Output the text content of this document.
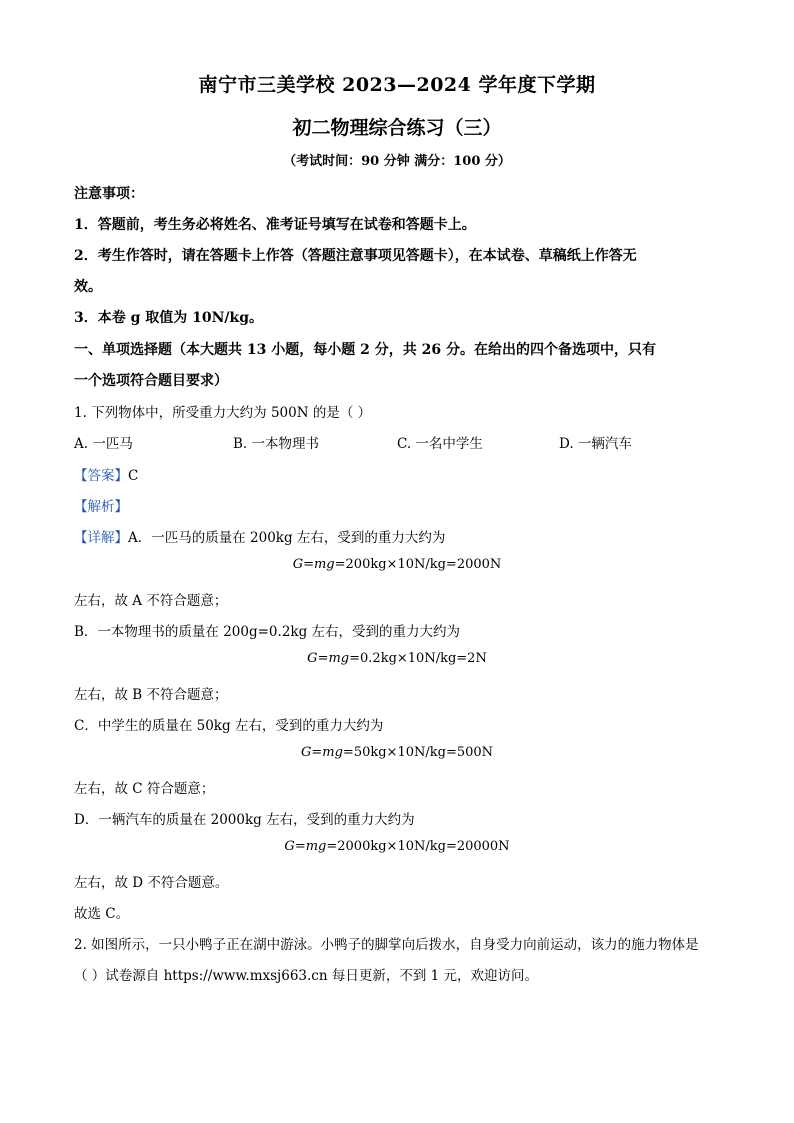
南宁市三美学校 2023—2024 学年度下学期
初二物理综合练习（三）
（考试时间：90 分钟 满分：100 分）
注意事项：
1．答题前，考生务必将姓名、准考证号填写在试卷和答题卡上。
2．考生作答时，请在答题卡上作答（答题注意事项见答题卡），在本试卷、草稿纸上作答无
效。
3．本卷 g 取值为 10N/kg。
一、单项选择题（本大题共 13 小题，每小题 2 分，共 26 分。在给出的四个备选项中，只有
一个选项符合题目要求）
1. 下列物体中，所受重力大约为 500N 的是（ ）
A. 一匹马	B. 一本物理书	C. 一名中学生	D. 一辆汽车
【答案】C
【解析】
【详解】A．一匹马的质量在 200kg 左右，受到的重力大约为
G=mg=200kg×10N/kg=2000N
左右，故 A 不符合题意；
B．一本物理书的质量在 200g=0.2kg 左右，受到的重力大约为
G=mg=0.2kg×10N/kg=2N
左右，故 B 不符合题意；
C．中学生的质量在 50kg 左右，受到的重力大约为
G=mg=50kg×10N/kg=500N
左右，故 C 符合题意；
D．一辆汽车的质量在 2000kg 左右，受到的重力大约为
G=mg=2000kg×10N/kg=20000N
左右，故 D 不符合题意。
故选 C。
2. 如图所示，一只小鸭子正在湖中游泳。小鸭子的脚掌向后拨水，自身受力向前运动，该力的施力物体是
（ ）试卷源自 https://www.mxsj663.cn 每日更新，不到 1 元，欢迎访问。
